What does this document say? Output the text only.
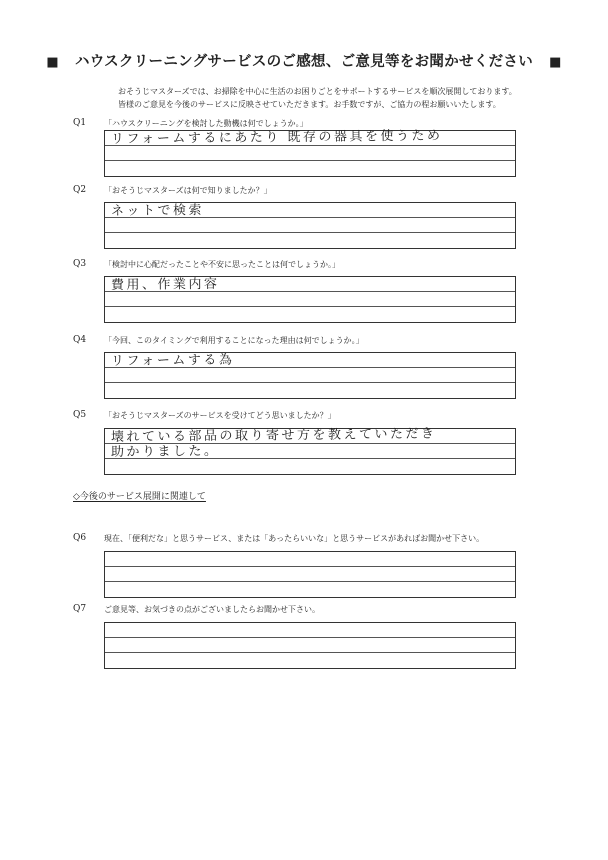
■ ハウスクリーニングサービスのご感想、ご意見等をお聞かせください ■
おそうじマスターズでは、お掃除を中心に生活のお困りごとをサポートするサービスを順次展開しております。
皆様のご意見を今後のサービスに反映させていただきます。お手数ですが、ご協力の程お願いいたします。
Q1 「ハウスクリーニングを検討した動機は何でしょうか。」
リフォームするにあたり 既存の器具を使うため
Q2 「おそうじマスターズは何で知りましたか？」
ネットで検索
Q3 「検討中に心配だったことや不安に思ったことは何でしょうか。」
費用、作業内容
Q4 「今回、このタイミングで利用することになった理由は何でしょうか。」
リフォームする為
Q5 「おそうじマスターズのサービスを受けてどう思いましたか？」
壊れている部品の取り寄せ方を教えていただき
助かりました。
◇今後のサービス展開に関連して
Q6 現在、「便利だな」と思うサービス、または「あったらいいな」と思うサービスがあればお聞かせ下さい。
Q7 ご意見等、お気づきの点がございましたらお聞かせ下さい。
